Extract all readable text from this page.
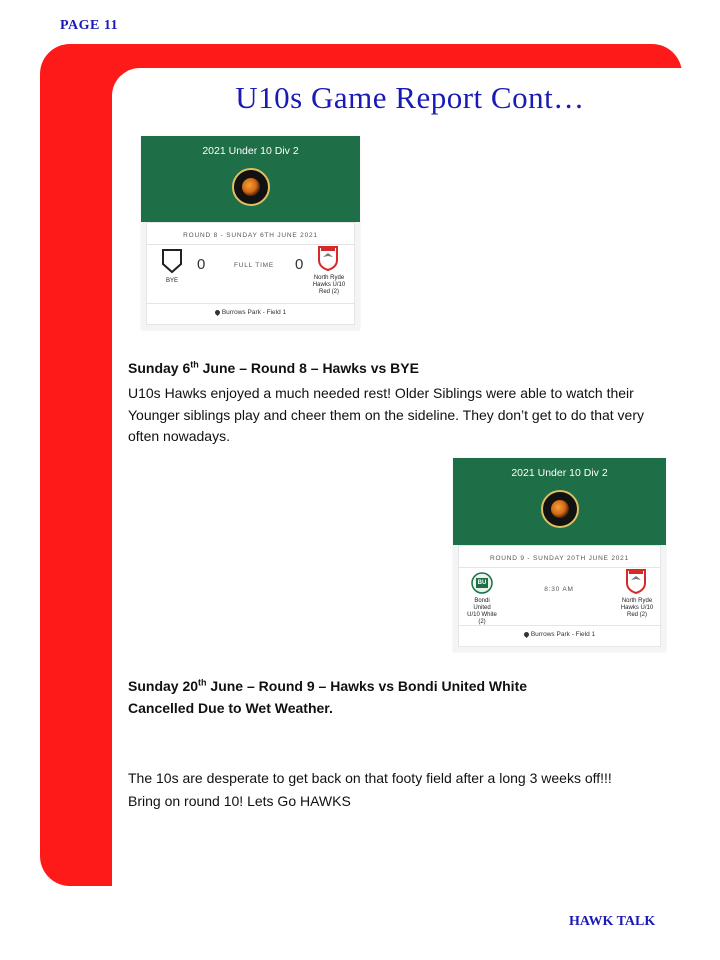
PAGE 11
U10s Game Report Cont…
2021 Under 10 Div 2
ROUND 8 - SUNDAY 6TH JUNE 2021
BYE
0	FULL TIME	0
North Ryde
Hawks U/10
Red (2)
Burrows Park - Field 1
Sunday 6th June – Round 8 – Hawks vs BYE
U10s Hawks enjoyed a much needed rest! Older Siblings were able to watch their Younger siblings play and cheer them on the sideline. They don’t get to do that very often nowadays.
2021 Under 10 Div 2
ROUND 9 - SUNDAY 20TH JUNE 2021
BU
Bondi United
U/10 White
(2)
8:30 AM
North Ryde
Hawks U/10
Red (2)
Burrows Park - Field 1
Sunday 20th June – Round 9 – Hawks vs Bondi United White
Cancelled Due to Wet Weather.
The 10s are desperate to get back on that footy field after a long 3 weeks off!!!
Bring on round 10! Lets Go HAWKS
HAWK TALK
